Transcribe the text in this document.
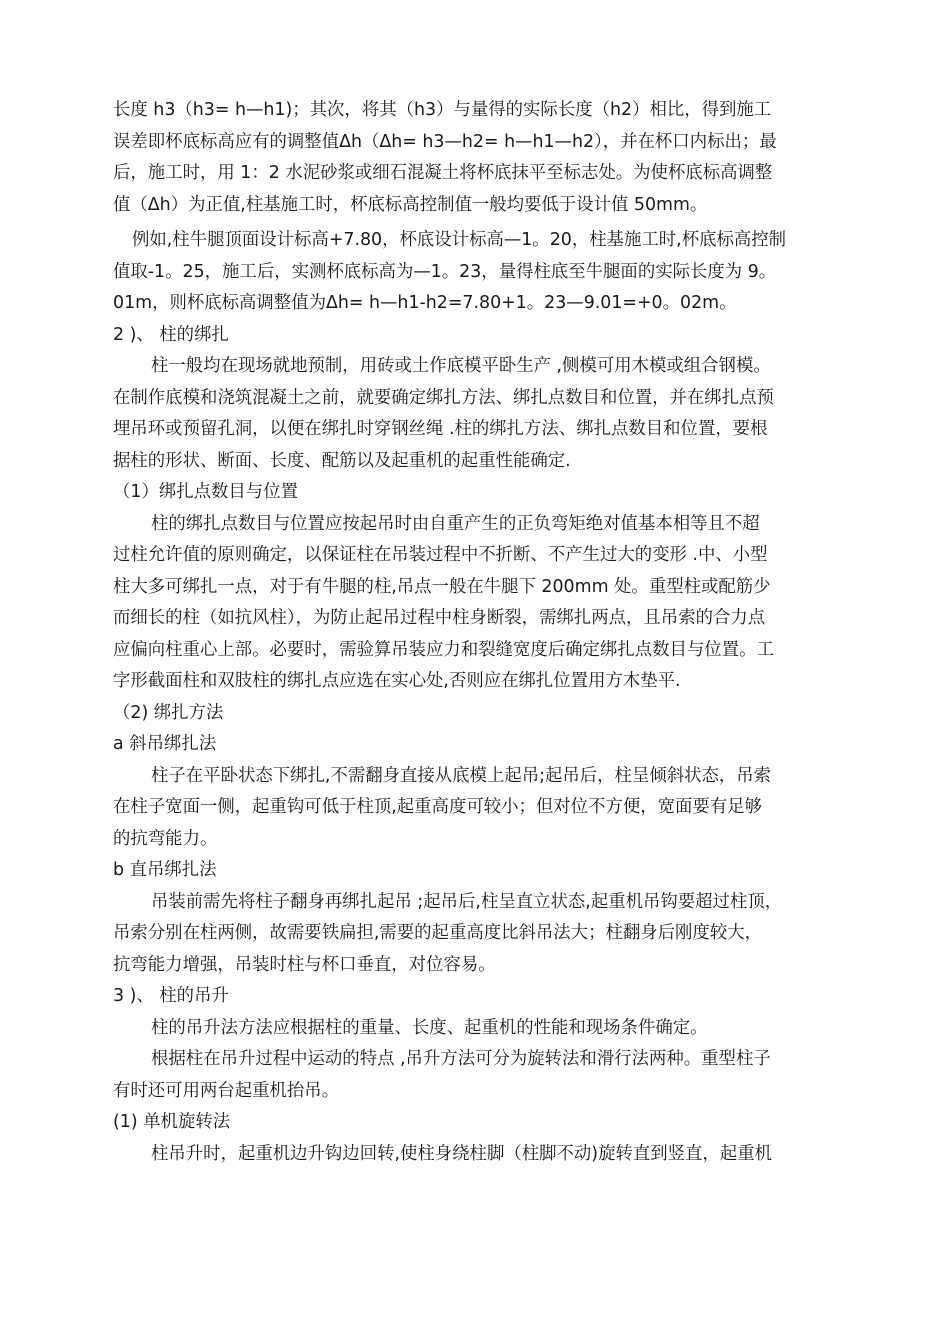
长度 h3（h3= h—h1)；其次，将其（h3）与量得的实际长度（h2）相比，得到施工

误差即杯底标高应有的调整值Δh（Δh= h3—h2= h—h1—h2），并在杯口内标出；最

后，施工时，用 1：2 水泥砂浆或细石混凝土将杯底抹平至标志处。为使杯底标高调整

值（Δh）为正值,柱基施工时，杯底标高控制值一般均要低于设计值 50mm。

例如,柱牛腿顶面设计标高+7.80，杯底设计标高—1。20，柱基施工时,杯底标高控制

值取-1。25，施工后，实测杯底标高为—1。23，量得柱底至牛腿面的实际长度为 9。

01m，则杯底标高调整值为Δh= h—h1-h2=7.80+1。23—9.01=+0。02m。

2 )、 柱的绑扎

柱一般均在现场就地预制，用砖或土作底模平卧生产 ,侧模可用木模或组合钢模。

在制作底模和浇筑混凝土之前，就要确定绑扎方法、绑扎点数目和位置，并在绑扎点预

埋吊环或预留孔洞，以便在绑扎时穿钢丝绳 .柱的绑扎方法、绑扎点数目和位置，要根

据柱的形状、断面、长度、配筋以及起重机的起重性能确定.

（1）绑扎点数目与位置

柱的绑扎点数目与位置应按起吊时由自重产生的正负弯矩绝对值基本相等且不超

过柱允许值的原则确定，以保证柱在吊装过程中不折断、不产生过大的变形 .中、小型

柱大多可绑扎一点，对于有牛腿的柱,吊点一般在牛腿下 200mm 处。重型柱或配筋少

而细长的柱（如抗风柱），为防止起吊过程中柱身断裂，需绑扎两点，且吊索的合力点

应偏向柱重心上部。必要时，需验算吊装应力和裂缝宽度后确定绑扎点数目与位置。工

字形截面柱和双肢柱的绑扎点应选在实心处,否则应在绑扎位置用方木垫平.

（2) 绑扎方法

a 斜吊绑扎法

柱子在平卧状态下绑扎,不需翻身直接从底模上起吊;起吊后，柱呈倾斜状态，吊索

在柱子宽面一侧，起重钩可低于柱顶,起重高度可较小；但对位不方便，宽面要有足够

的抗弯能力。

b 直吊绑扎法

吊装前需先将柱子翻身再绑扎起吊 ;起吊后,柱呈直立状态,起重机吊钩要超过柱顶，

吊索分别在柱两侧，故需要铁扁担,需要的起重高度比斜吊法大；柱翻身后刚度较大，

抗弯能力增强，吊装时柱与杯口垂直，对位容易。

3 )、 柱的吊升

柱的吊升法方法应根据柱的重量、长度、起重机的性能和现场条件确定。

根据柱在吊升过程中运动的特点 ,吊升方法可分为旋转法和滑行法两种。重型柱子

有时还可用两台起重机抬吊。

(1) 单机旋转法

柱吊升时，起重机边升钩边回转,使柱身绕柱脚（柱脚不动)旋转直到竖直，起重机
